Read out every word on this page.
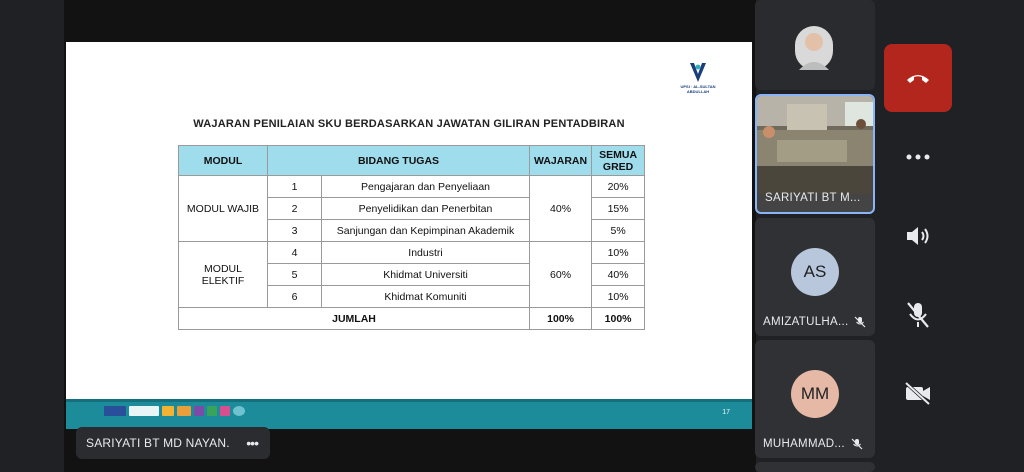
UPSI · AL-SULTAN ABDULLAH
WAJARAN PENILAIAN SKU BERDASARKAN JAWATAN GILIRAN PENTADBIRAN
MODUL	BIDANG TUGAS		WAJARAN	SEMUA GRED
MODUL WAJIB	1	Pengajaran dan Penyeliaan	40%	20%
	2	Penyelidikan dan Penerbitan		15%
	3	Sanjungan dan Kepimpinan Akademik		5%
MODUL ELEKTIF	4	Industri	60%	10%
	5	Khidmat Universiti		40%
	6	Khidmat Komuniti		10%
JUMLAH			100%	100%
17
SARIYATI BT MD NAYAN. •••
SARIYATI BT M...
AS
AMIZATULHA...
MM
MUHAMMAD...
